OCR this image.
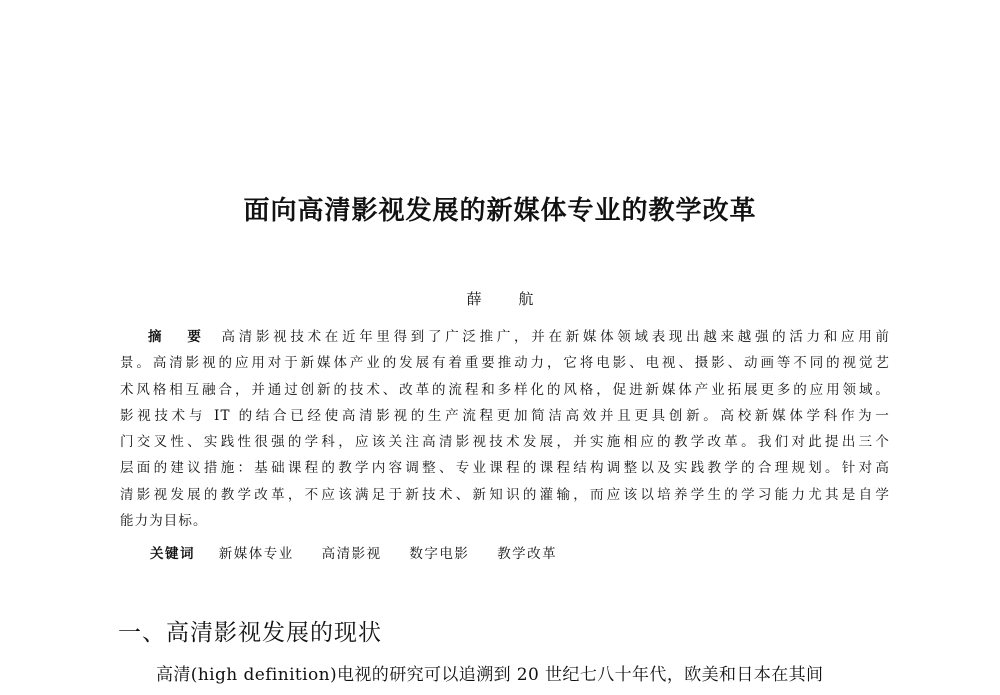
面向高清影视发展的新媒体专业的教学改革
薛 航
摘 要 高清影视技术在近年里得到了广泛推广，并在新媒体领域表现出越来越强的活力和应用前
景。高清影视的应用对于新媒体产业的发展有着重要推动力，它将电影、电视、摄影、动画等不同的视觉艺
术风格相互融合，并通过创新的技术、改革的流程和多样化的风格，促进新媒体产业拓展更多的应用领域。
影视技术与 IT 的结合已经使高清影视的生产流程更加简洁高效并且更具创新。高校新媒体学科作为一
门交叉性、实践性很强的学科，应该关注高清影视技术发展，并实施相应的教学改革。我们对此提出三个
层面的建议措施：基础课程的教学内容调整、专业课程的课程结构调整以及实践教学的合理规划。针对高
清影视发展的教学改革，不应该满足于新技术、新知识的灌输，而应该以培养学生的学习能力尤其是自学
能力为目标。
关键词 新媒体专业 高清影视 数字电影 教学改革
一、高清影视发展的现状
高清(high definition)电视的研究可以追溯到 20 世纪七八十年代，欧美和日本在其间
